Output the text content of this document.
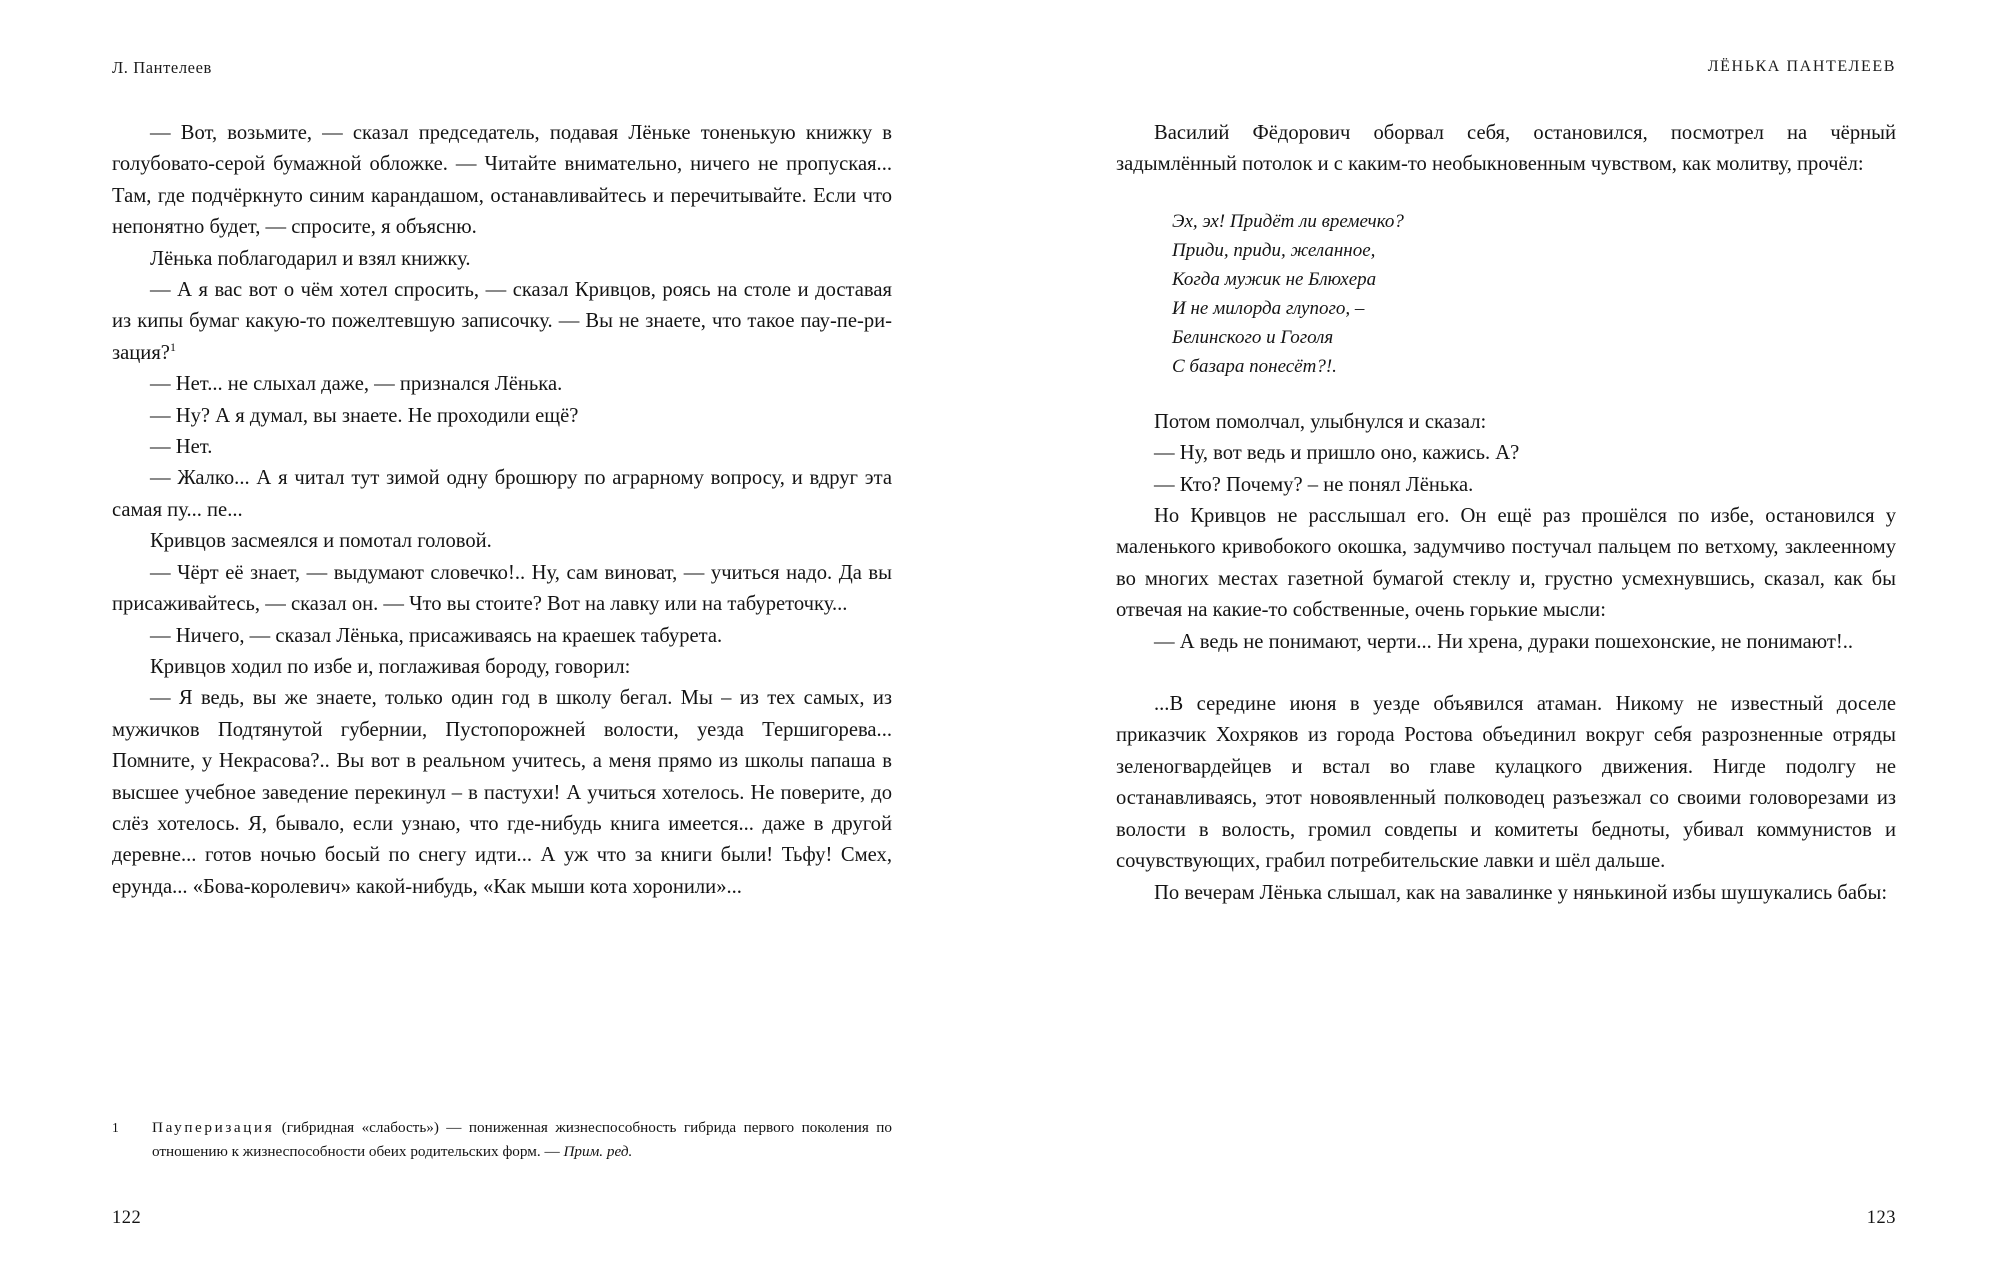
Л. Пантелеев

— Вот, возьмите, — сказал председатель, подавая Лёньке тоненькую книжку в голубовато-серой бумажной обложке. — Читайте внимательно, ничего не пропуская... Там, где подчёркнуто синим карандашом, останавливайтесь и перечитывайте. Если что непонятно будет, — спросите, я объясню.

Лёнька поблагодарил и взял книжку.

— А я вас вот о чём хотел спросить, — сказал Кривцов, роясь на столе и доставая из кипы бумаг какую-то пожелтевшую записочку. — Вы не знаете, что такое пау-пе-ри-зация?$^1$

— Нет... не слыхал даже, — признался Лёнька.

— Ну? А я думал, вы знаете. Не проходили ещё?

— Нет.

— Жалко... А я читал тут зимой одну брошюру по аграрному вопросу, и вдруг эта самая пу... пе...

Кривцов засмеялся и помотал головой.

— Чёрт её знает, — выдумают словечко!.. Ну, сам виноват, — учиться надо. Да вы присаживайтесь, — сказал он. — Что вы стоите? Вот на лавку или на табуреточку...

— Ничего, — сказал Лёнька, присаживаясь на краешек табурета.

Кривцов ходил по избе и, поглаживая бороду, говорил:

— Я ведь, вы же знаете, только один год в школу бегал. Мы – из тех самых, из мужичков Подтянутой губернии, Пустопорожней волости, уезда Тершигорева... Помните, у Некрасова?.. Вы вот в реальном учитесь, а меня прямо из школы папаша в высшее учебное заведение перекинул – в пастухи! А учиться хотелось. Не поверите, до слёз хотелось. Я, бывало, если узнаю, что где-нибудь книга имеется... даже в другой деревне... готов ночью босый по снегу идти... А уж что за книги были! Тьфу! Смех, ерунда... «Бова-королевич» какой-нибудь, «Как мыши кота хоронили»...

1	Пауперизация (гибридная «слабость») — пониженная жизнеспособность гибрида первого поколения по отношению к жизнеспособности обеих родительских форм. — Прим. ред.
122
ЛЁНЬКА ПАНТЕЛЕЕВ

Василий Фёдорович оборвал себя, остановился, посмотрел на чёрный задымлённый потолок и с каким-то необыкновенным чувством, как молитву, прочёл:

Эх, эх! Придёт ли времечко?
Приди, приди, желанное,
Когда мужик не Блюхера
И не милорда глупого, –
Белинского и Гоголя
С базара понесёт?!.

Потом помолчал, улыбнулся и сказал:

— Ну, вот ведь и пришло оно, кажись. А?

— Кто? Почему? – не понял Лёнька.

Но Кривцов не расслышал его. Он ещё раз прошёлся по избе, остановился у маленького кривобокого окошка, задумчиво постучал пальцем по ветхому, заклеенному во многих местах газетной бумагой стеклу и, грустно усмехнувшись, сказал, как бы отвечая на какие-то собственные, очень горькие мысли:

— А ведь не понимают, черти... Ни хрена, дураки пошехонские, не понимают!..

...В середине июня в уезде объявился атаман. Никому не известный доселе приказчик Хохряков из города Ростова объединил вокруг себя разрозненные отряды зеленогвардейцев и встал во главе кулацкого движения. Нигде подолгу не останавливаясь, этот новоявленный полководец разъезжал со своими головорезами из волости в волость, громил совдепы и комитеты бедноты, убивал коммунистов и сочувствующих, грабил потребительские лавки и шёл дальше.

По вечерам Лёнька слышал, как на завалинке у нянькиной избы шушукались бабы:

123
